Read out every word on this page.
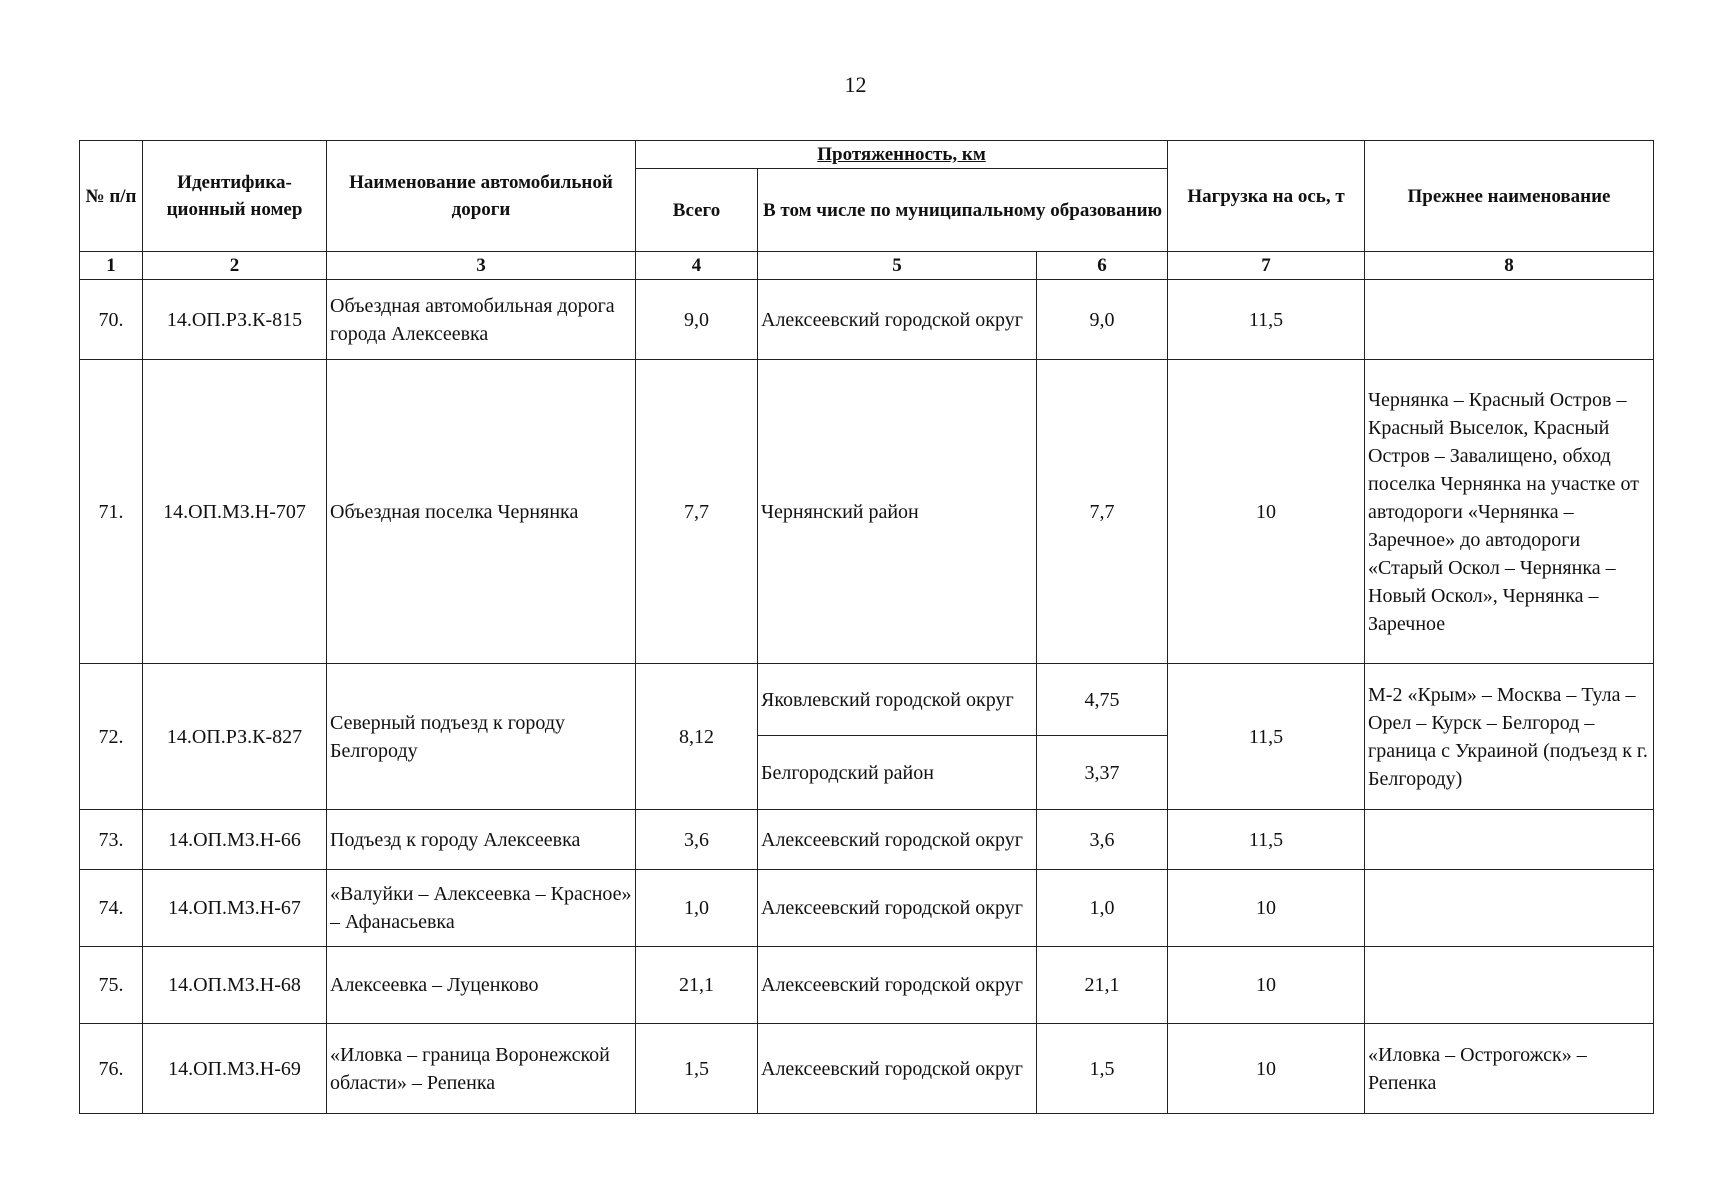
12
№ п/п	Идентифика-ционный номер	Наименование автомобильной дороги	Протяженность, км			Нагрузка на ось, т	Прежнее наименование
			Всего	В том числе по муниципальному образованию			
1	2	3	4	5	6	7	8
70.	14.ОП.РЗ.К-815	Объездная автомобильная дорога города Алексеевка	9,0	Алексеевский городской округ	9,0	11,5	
71.	14.ОП.МЗ.Н-707	Объездная поселка Чернянка	7,7	Чернянский район	7,7	10	Чернянка – Красный Остров – Красный Выселок, Красный Остров – Завалищено, обход поселка Чернянка на участке от автодороги «Чернянка – Заречное» до автодороги «Старый Оскол – Чернянка – Новый Оскол», Чернянка – Заречное
72.	14.ОП.РЗ.К-827	Северный подъезд к городу Белгороду	8,12	Яковлевский городской округ	4,75	11,5	М-2 «Крым» – Москва – Тула – Орел – Курск – Белгород – граница с Украиной (подъезд к г. Белгороду)
				Белгородский район	3,37		
73.	14.ОП.МЗ.Н-66	Подъезд к городу Алексеевка	3,6	Алексеевский городской округ	3,6	11,5	
74.	14.ОП.МЗ.Н-67	«Валуйки – Алексеевка – Красное» – Афанасьевка	1,0	Алексеевский городской округ	1,0	10	
75.	14.ОП.МЗ.Н-68	Алексеевка – Луценково	21,1	Алексеевский городской округ	21,1	10	
76.	14.ОП.МЗ.Н-69	«Иловка – граница Воронежской области» – Репенка	1,5	Алексеевский городской округ	1,5	10	«Иловка – Острогожск» – Репенка
